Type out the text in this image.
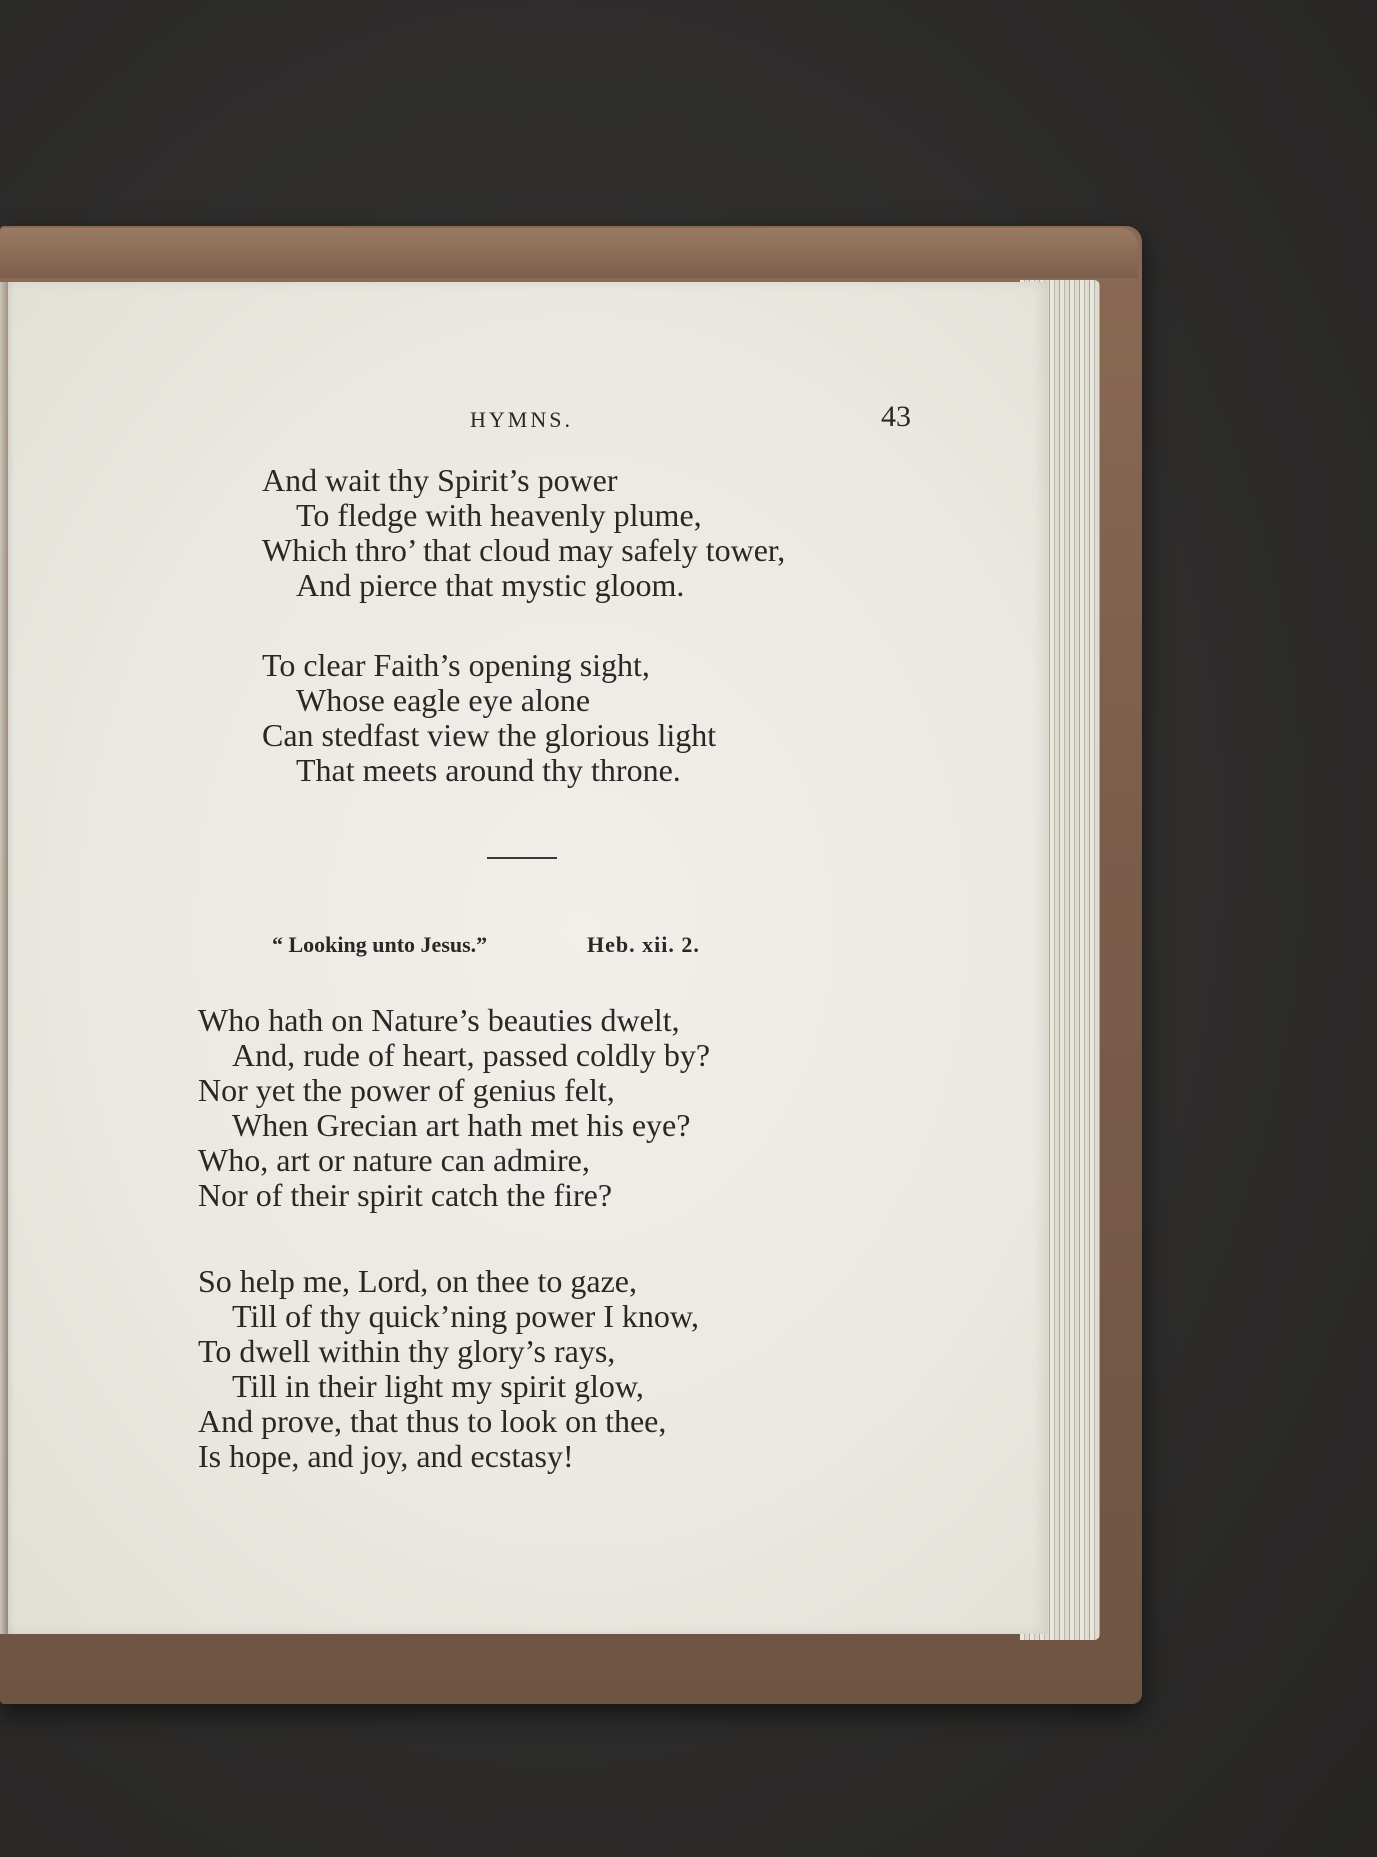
HYMNS.	43
And wait thy Spirit’s power
To fledge with heavenly plume,
Which thro’ that cloud may safely tower,
And pierce that mystic gloom.
To clear Faith’s opening sight,
Whose eagle eye alone
Can stedfast view the glorious light
That meets around thy throne.
“ Looking unto Jesus.”	Heb. xii. 2.
Who hath on Nature’s beauties dwelt,
And, rude of heart, passed coldly by?
Nor yet the power of genius felt,
When Grecian art hath met his eye?
Who, art or nature can admire,
Nor of their spirit catch the fire?
So help me, Lord, on thee to gaze,
Till of thy quick’ning power I know,
To dwell within thy glory’s rays,
Till in their light my spirit glow,
And prove, that thus to look on thee,
Is hope, and joy, and ecstasy!
